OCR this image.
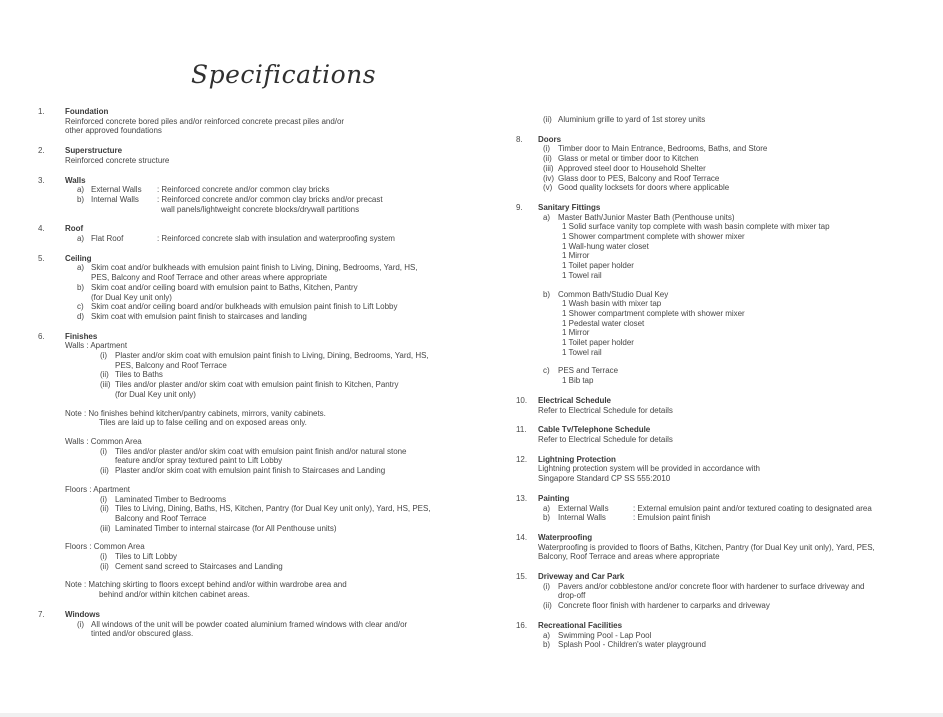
Specifications
1.	Foundation
Reinforced concrete bored piles and/or reinforced concrete precast piles and/or
other approved foundations
2.	Superstructure
Reinforced concrete structure
3.	Walls
a) External Walls	: Reinforced concrete and/or common clay bricks
b) Internal Walls	: Reinforced concrete and/or common clay bricks and/or precast
wall panels/lightweight concrete blocks/drywall partitions
4.	Roof
a) Flat Roof	: Reinforced concrete slab with insulation and waterproofing system
5.	Ceiling
a) Skim coat and/or bulkheads with emulsion paint finish to Living, Dining, Bedrooms, Yard, HS,
PES, Balcony and Roof Terrace and other areas where appropriate
b) Skim coat and/or ceiling board with emulsion paint to Baths, Kitchen, Pantry
(for Dual Key unit only)
c) Skim coat and/or ceiling board and/or bulkheads with emulsion paint finish to Lift Lobby
d) Skim coat with emulsion paint finish to staircases and landing
6.	Finishes
Walls : Apartment
(i) Plaster and/or skim coat with emulsion paint finish to Living, Dining, Bedrooms, Yard, HS,
PES, Balcony and Roof Terrace
(ii) Tiles to Baths
(iii) Tiles and/or plaster and/or skim coat with emulsion paint finish to Kitchen, Pantry
(for Dual Key unit only)
Note : No finishes behind kitchen/pantry cabinets, mirrors, vanity cabinets.
Tiles are laid up to false ceiling and on exposed areas only.
Walls : Common Area
(i) Tiles and/or plaster and/or skim coat with emulsion paint finish and/or natural stone
feature and/or spray textured paint to Lift Lobby
(ii) Plaster and/or skim coat with emulsion paint finish to Staircases and Landing
Floors : Apartment
(i) Laminated Timber to Bedrooms
(ii) Tiles to Living, Dining, Baths, HS, Kitchen, Pantry (for Dual Key unit only), Yard, HS, PES,
Balcony and Roof Terrace
(iii) Laminated Timber to internal staircase (for All Penthouse units)
Floors : Common Area
(i) Tiles to Lift Lobby
(ii) Cement sand screed to Staircases and Landing
Note : Matching skirting to floors except behind and/or within wardrobe area and
behind and/or within kitchen cabinet areas.
7.	Windows
(i) All windows of the unit will be powder coated aluminium framed windows with clear and/or
tinted and/or obscured glass.
(ii) Aluminium grille to yard of 1st storey units
8.	Doors
(i) Timber door to Main Entrance, Bedrooms, Baths, and Store
(ii) Glass or metal or timber door to Kitchen
(iii) Approved steel door to Household Shelter
(iv) Glass door to PES, Balcony and Roof Terrace
(v) Good quality locksets for doors where applicable
9.	Sanitary Fittings
a) Master Bath/Junior Master Bath (Penthouse units)
1 Solid surface vanity top complete with wash basin complete with mixer tap
1 Shower compartment complete with shower mixer
1 Wall-hung water closet
1 Mirror
1 Toilet paper holder
1 Towel rail
b) Common Bath/Studio Dual Key
1 Wash basin with mixer tap
1 Shower compartment complete with shower mixer
1 Pedestal water closet
1 Mirror
1 Toilet paper holder
1 Towel rail
c)	PES and Terrace
1 Bib tap
10.	Electrical Schedule
Refer to Electrical Schedule for details
11.	Cable Tv/Telephone Schedule
Refer to Electrical Schedule for details
12.	Lightning Protection
Lightning protection system will be provided in accordance with
Singapore Standard CP SS 555:2010
13.	Painting
a) External Walls	: External emulsion paint and/or textured coating to designated area
b) Internal Walls	: Emulsion paint finish
14.	Waterproofing
Waterproofing is provided to floors of Baths, Kitchen, Pantry (for Dual Key unit only), Yard, PES,
Balcony, Roof Terrace and areas where appropriate
15.	Driveway and Car Park
(i) Pavers and/or cobblestone and/or concrete floor with hardener to surface driveway and
drop-off
(ii) Concrete floor finish with hardener to carparks and driveway
16.	Recreational Facilities
a) Swimming Pool - Lap Pool
b) Splash Pool - Children's water playground
